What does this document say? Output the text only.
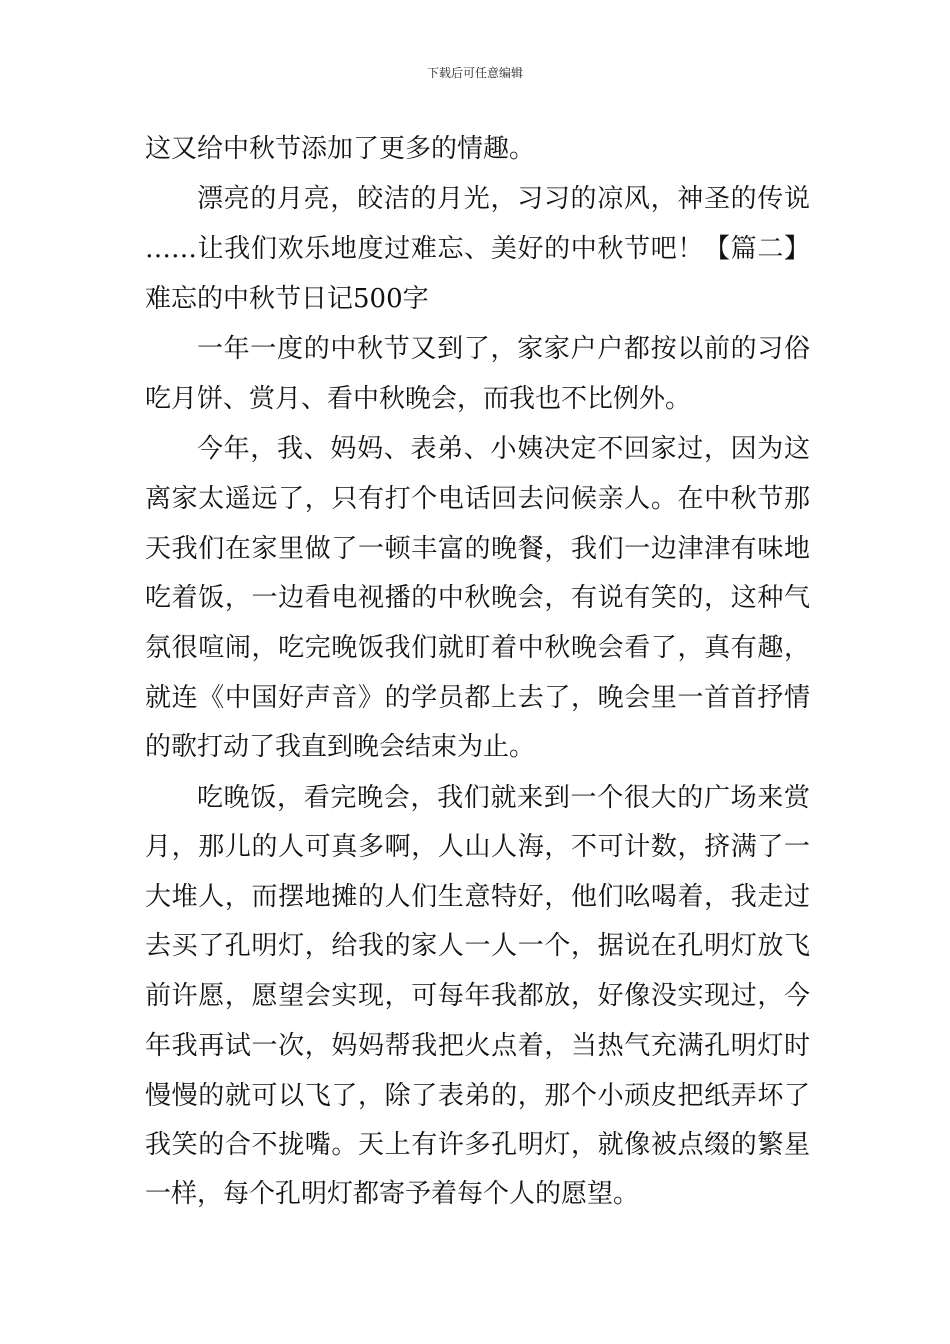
下载后可任意编辑
这又给中秋节添加了更多的情趣。
漂亮的月亮，皎洁的月光，习习的凉风，神圣的传说
……让我们欢乐地度过难忘、美好的中秋节吧！【篇二】
难忘的中秋节日记500字
一年一度的中秋节又到了，家家户户都按以前的习俗
吃月饼、赏月、看中秋晚会，而我也不比例外。
今年，我、妈妈、表弟、小姨决定不回家过，因为这
离家太遥远了，只有打个电话回去问候亲人。在中秋节那
天我们在家里做了一顿丰富的晚餐，我们一边津津有味地
吃着饭，一边看电视播的中秋晚会，有说有笑的，这种气
氛很喧闹，吃完晚饭我们就盯着中秋晚会看了，真有趣，
就连《中国好声音》的学员都上去了，晚会里一首首抒情
的歌打动了我直到晚会结束为止。
吃晚饭，看完晚会，我们就来到一个很大的广场来赏
月，那儿的人可真多啊，人山人海，不可计数，挤满了一
大堆人，而摆地摊的人们生意特好，他们吆喝着，我走过
去买了孔明灯，给我的家人一人一个，据说在孔明灯放飞
前许愿，愿望会实现，可每年我都放，好像没实现过，今
年我再试一次，妈妈帮我把火点着，当热气充满孔明灯时
慢慢的就可以飞了，除了表弟的，那个小顽皮把纸弄坏了
我笑的合不拢嘴。天上有许多孔明灯，就像被点缀的繁星
一样，每个孔明灯都寄予着每个人的愿望。
